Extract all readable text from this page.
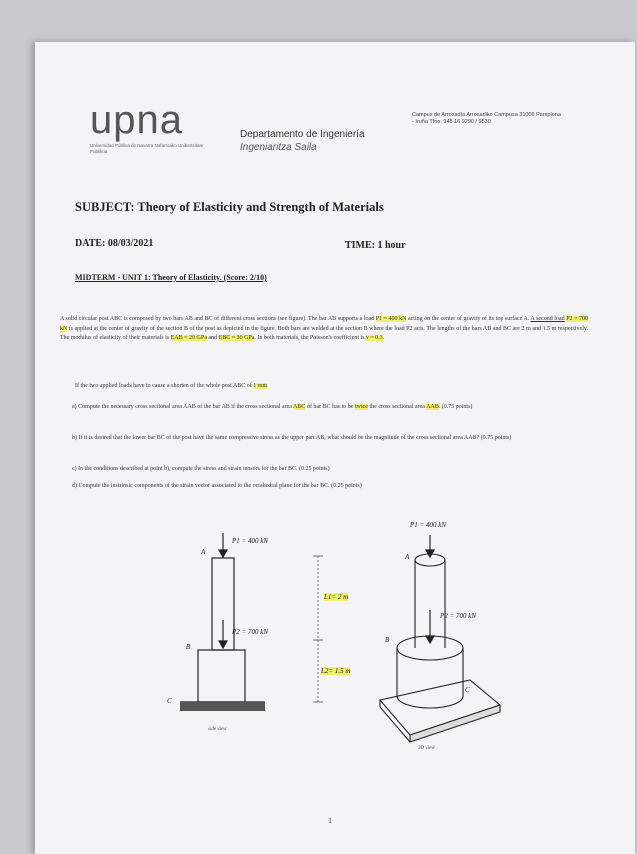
upna
Universidad Pública de Navarra Nafarroako Unibertsitate Publikoa
Departamento de Ingeniería
Ingeniaritza Saila
Campus de Arrosadía Arrosadiko Campusa 31006 Pamplona - Iruña Tfno. 948 16 9290 / 9530
SUBJECT: Theory of Elasticity and Strength of Materials
DATE: 08/03/2021	TIME: 1 hour
MIDTERM - UNIT 1: Theory of Elasticity. (Score: 2/10)
A solid circular post ABC is composed by two bars AB and BC of different cross sections (see figure). The bar AB supports a load P1 = 400 kN acting on the center of gravity of its top surface A. A second load P2 = 700 kN is applied at the center of gravity of the section B of the post as depicted in the figure. Both bars are welded at the section B where the load P2 acts. The lengths of the bars AB and BC are 2 m and 1.5 m respectively. The modulus of elasticity of their materials is EAB = 20 GPa and EBC = 30 GPa. In both materials, the Poisson's coefficient is ν = 0.3.
If the two applied loads have to cause a shorten of the whole post ABC of 1 mm
a) Compute the necessary cross sectional area AAB of the bar AB if the cross sectional area ABC of bar BC has to be twice the cross sectional area AAB. (0.75 points)
b) If it is desired that the lower bar BC of the post have the same compressive stress as the upper part AB, what should be the magnitude of the cross sectional area AAB? (0.75 points)
c) In the conditions described at point b), compute the stress and strain tensors for the bar BC. (0.25 points)
d) Compute the instrinsic components of the strain vector associated to the octahedral plane for the bar BC. (0.25 points)
P1 = 400 kN
P2 = 700 kN
A
B
C
side view
L1= 2 m
L2= 1.5 m
P1 = 400 kN
P2 = 700 kN
A
B
C
3D view
1
